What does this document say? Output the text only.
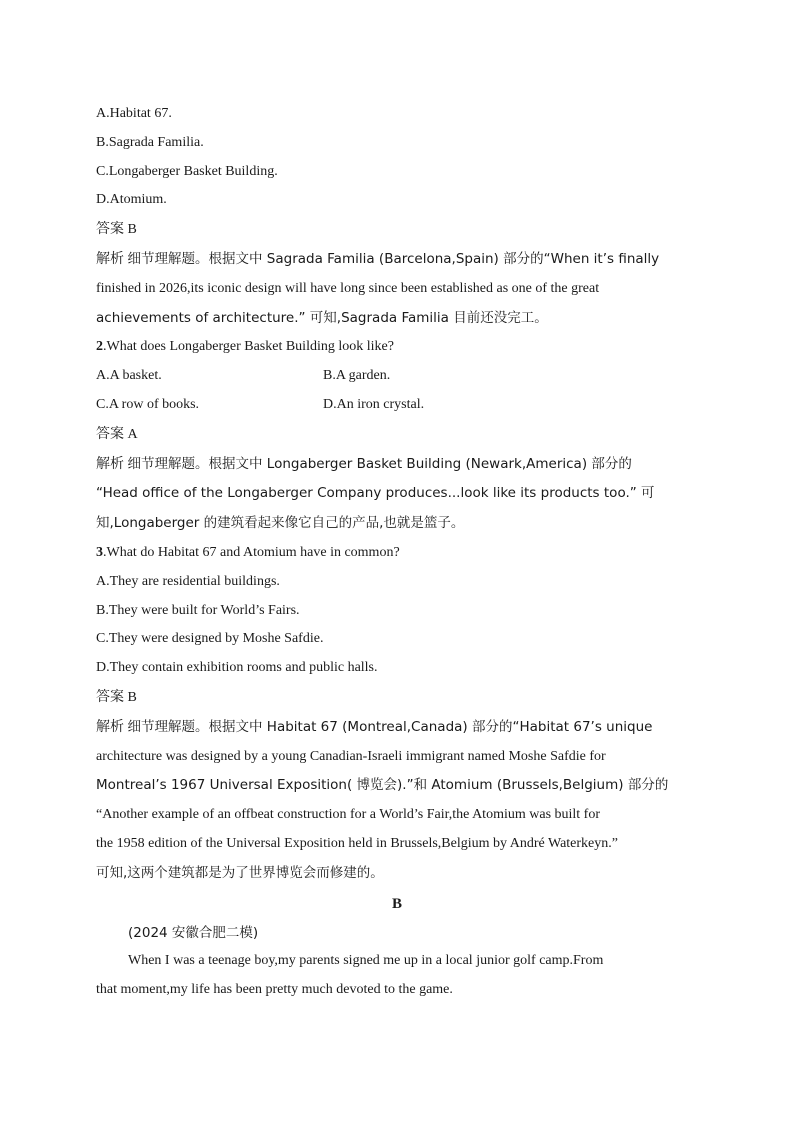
A.Habitat 67.
B.Sagrada Familia.
C.Longaberger Basket Building.
D.Atomium.
答案 B
解析 细节理解题。根据文中 Sagrada Familia (Barcelona,Spain) 部分的“When it’s finally
finished in 2026,its iconic design will have long since been established as one of the great
achievements of architecture.” 可知,Sagrada Familia 目前还没完工。
2.What does Longaberger Basket Building look like?
A.A basket.	B.A garden.
C.A row of books.	D.An iron crystal.
答案 A
解析 细节理解题。根据文中 Longaberger Basket Building (Newark,America) 部分的
“Head office of the Longaberger Company produces...look like its products too.” 可
知,Longaberger 的建筑看起来像它自己的产品,也就是篮子。
3.What do Habitat 67 and Atomium have in common?
A.They are residential buildings.
B.They were built for World’s Fairs.
C.They were designed by Moshe Safdie.
D.They contain exhibition rooms and public halls.
答案 B
解析 细节理解题。根据文中 Habitat 67 (Montreal,Canada) 部分的“Habitat 67’s unique
architecture was designed by a young Canadian-Israeli immigrant named Moshe Safdie for
Montreal’s 1967 Universal Exposition( 博览会).”和 Atomium (Brussels,Belgium) 部分的
“Another example of an offbeat construction for a World’s Fair,the Atomium was built for
the 1958 edition of the Universal Exposition held in Brussels,Belgium by André Waterkeyn.”
可知,这两个建筑都是为了世界博览会而修建的。
B
(2024 安徽合肥二模)
When I was a teenage boy,my parents signed me up in a local junior golf camp.From
that moment,my life has been pretty much devoted to the game.
